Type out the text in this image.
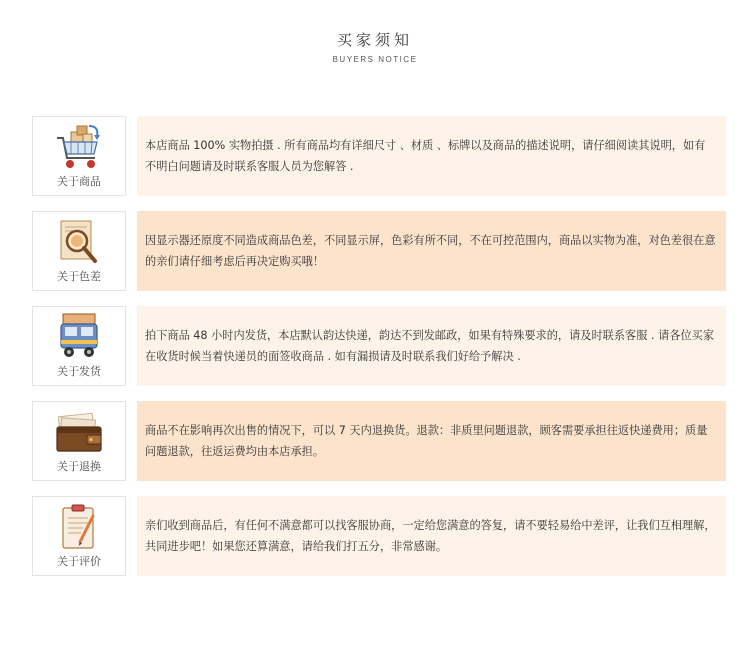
买家须知
BUYERS NOTICE
关于商品

本店商品 100% 实物拍摄 . 所有商品均有详细尺寸 、材质 、标牌以及商品的描述说明，请仔细阅读其说明，如有不明白问题请及时联系客服人员为您解答 .

关于色差

因显示器还原度不同造成商品色差，不同显示屏，色彩有所不同，不在可控范围内，商品以实物为准，对色差很在意的亲们请仔细考虑后再决定购买哦！

关于发货

拍下商品 48 小时内发货，本店默认韵达快递，韵达不到发邮政，如果有特殊要求的，请及时联系客服 . 请各位买家在收货时候当着快递员的面签收商品 . 如有漏损请及时联系我们好给予解决 .

关于退换

商品不在影响再次出售的情况下，可以 7 天内退换货。退款：非质里问题退款，顾客需要承担往返快递费用；质量问题退款，往返运费均由本店承担。

关于评价

亲们收到商品后，有任何不满意都可以找客服协商，一定给您满意的答复，请不要轻易给中差评，让我们互相理解，共同进步吧！如果您还算满意，请给我们打五分，非常感谢。
